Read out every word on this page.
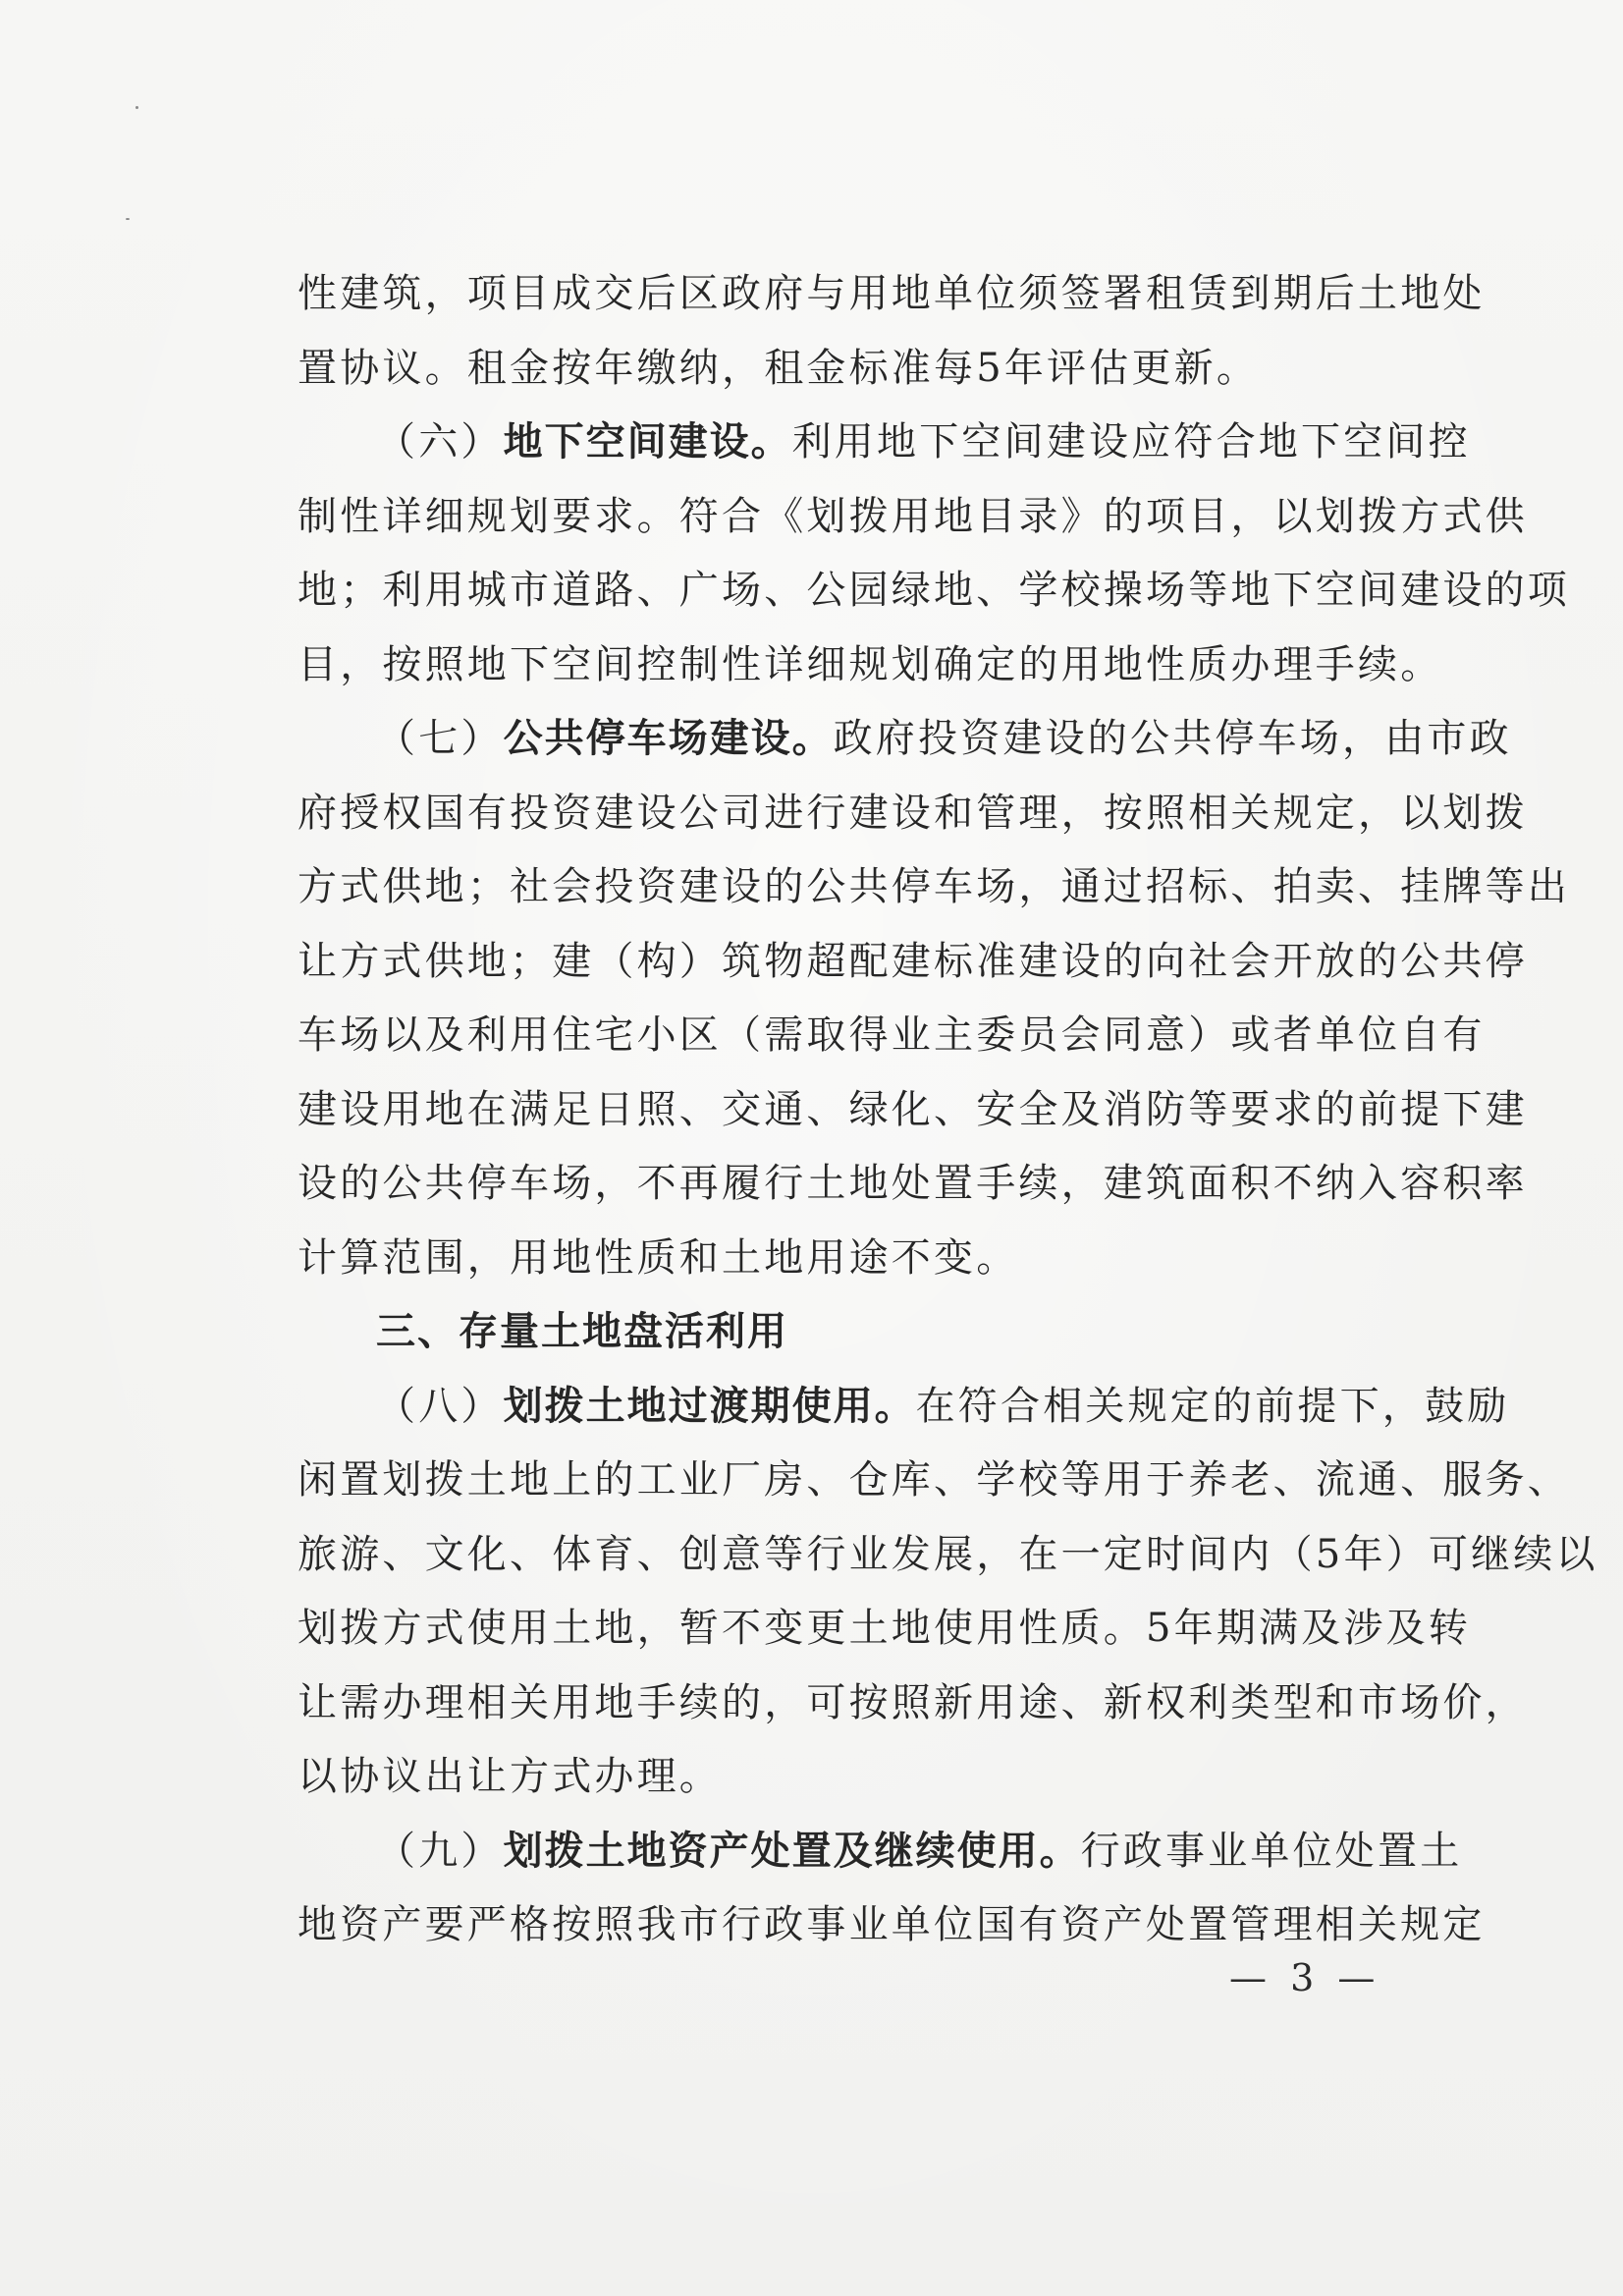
性建筑，项目成交后区政府与用地单位须签署租赁到期后土地处
置协议。租金按年缴纳，租金标准每5年评估更新。
（六）地下空间建设。利用地下空间建设应符合地下空间控
制性详细规划要求。符合《划拨用地目录》的项目，以划拨方式供
地；利用城市道路、广场、公园绿地、学校操场等地下空间建设的项
目，按照地下空间控制性详细规划确定的用地性质办理手续。
（七）公共停车场建设。政府投资建设的公共停车场，由市政
府授权国有投资建设公司进行建设和管理，按照相关规定，以划拨
方式供地；社会投资建设的公共停车场，通过招标、拍卖、挂牌等出
让方式供地；建（构）筑物超配建标准建设的向社会开放的公共停
车场以及利用住宅小区（需取得业主委员会同意）或者单位自有
建设用地在满足日照、交通、绿化、安全及消防等要求的前提下建
设的公共停车场，不再履行土地处置手续，建筑面积不纳入容积率
计算范围，用地性质和土地用途不变。
三、存量土地盘活利用
（八）划拨土地过渡期使用。在符合相关规定的前提下，鼓励
闲置划拨土地上的工业厂房、仓库、学校等用于养老、流通、服务、
旅游、文化、体育、创意等行业发展，在一定时间内（5年）可继续以
划拨方式使用土地，暂不变更土地使用性质。5年期满及涉及转
让需办理相关用地手续的，可按照新用途、新权利类型和市场价，
以协议出让方式办理。
（九）划拨土地资产处置及继续使用。行政事业单位处置土
地资产要严格按照我市行政事业单位国有资产处置管理相关规定
— 3 —
